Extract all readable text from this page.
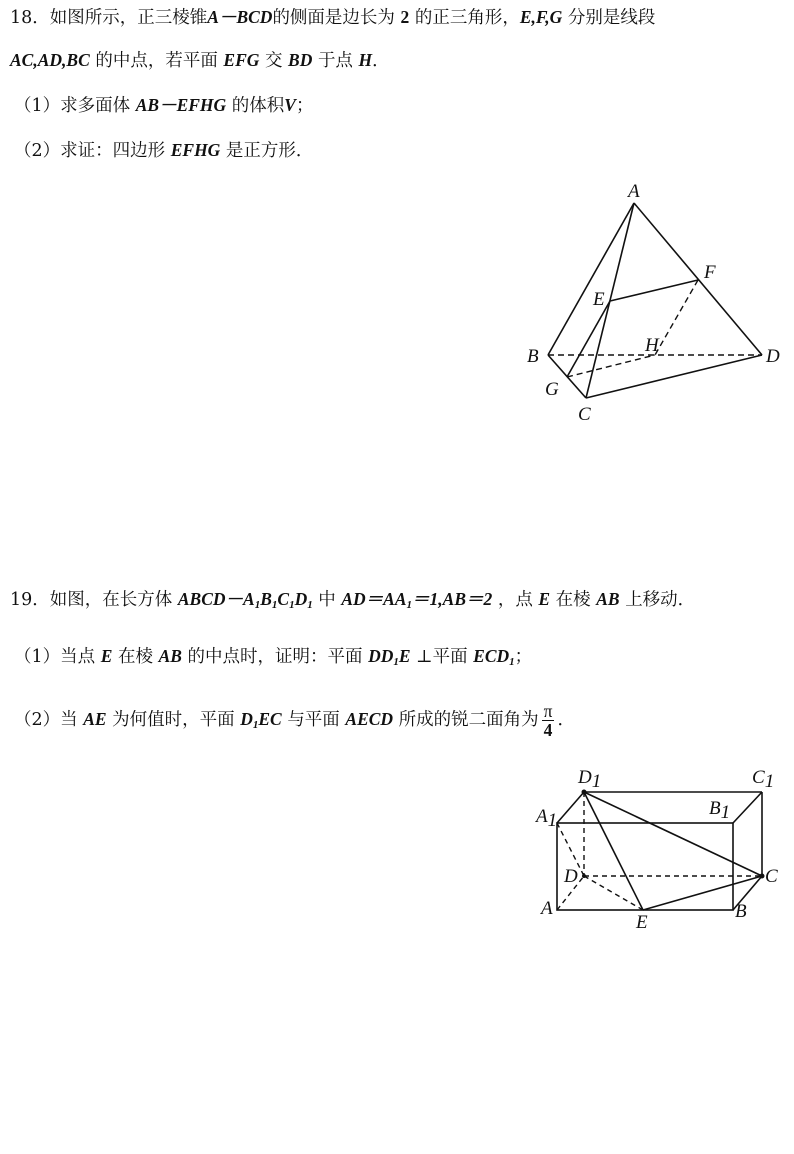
18．如图所示，正三棱锥A－BCD的侧面是边长为 2 的正三角形，E,F,G 分别是线段
AC,AD,BC 的中点，若平面 EFG 交 BD 于点 H．
（1）求多面体 AB－EFHG 的体积V；
（2）求证：四边形 EFHG 是正方形．
A
B
C
D
E
F
G
H
19．如图，在长方体 $ABCD-A_1B_1C_1D_1$ 中 $AD=AA_1=1,AB=2$ ，点 E 在棱 AB 上移动．
（1）当点 E 在棱 AB 的中点时，证明：平面 $DD_1E$ ⊥平面 $ECD_1$；
（2）当 AE 为何值时，平面 $D_1EC$ 与平面 AECD 所成的锐二面角为 $\frac{\pi}{4}$ ．
D1	C1
A1
B1
D	C
A	B
E
